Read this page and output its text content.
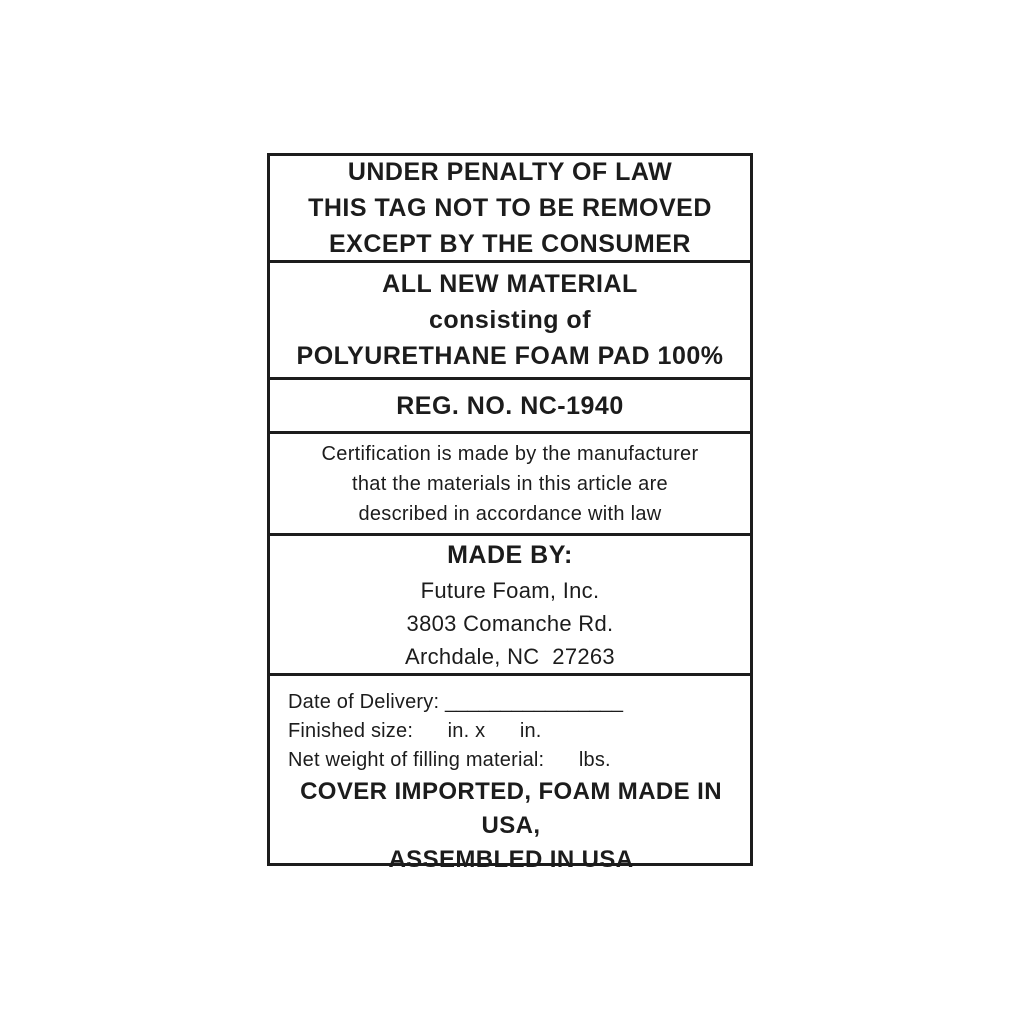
UNDER PENALTY OF LAW
THIS TAG NOT TO BE REMOVED
EXCEPT BY THE CONSUMER
ALL NEW MATERIAL
consisting of
POLYURETHANE FOAM PAD 100%
REG. NO. NC-1940
Certification is made by the manufacturer
that the materials in this article are
described in accordance with law
MADE BY:
Future Foam, Inc.
3803 Comanche Rd.
Archdale, NC  27263
Date of Delivery: ________________
Finished size:      in. x      in.
Net weight of filling material:      lbs.
COVER IMPORTED, FOAM MADE IN USA,
ASSEMBLED IN USA
